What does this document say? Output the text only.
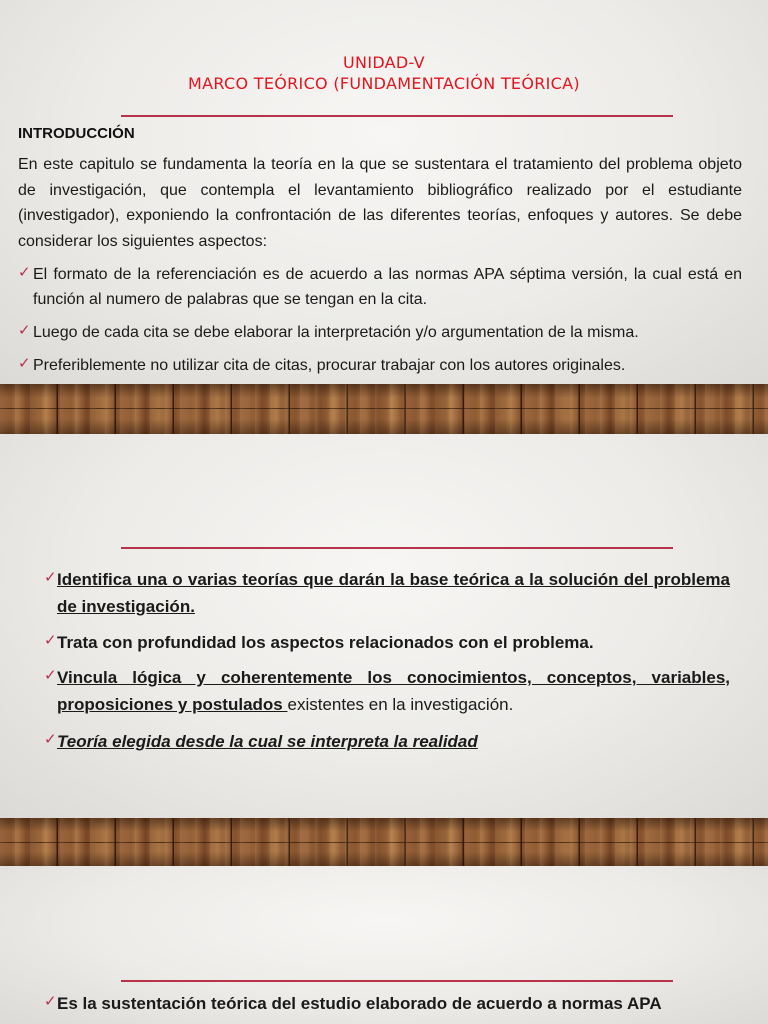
UNIDAD-V
MARCO TEÓRICO (FUNDAMENTACIÓN TEÓRICA)
INTRODUCCIÓN
En este capitulo se fundamenta la teoría en la que se sustentara el tratamiento del problema objeto de investigación, que contempla el levantamiento bibliográfico realizado por el estudiante (investigador), exponiendo la confrontación de las diferentes teorías, enfoques y autores. Se debe considerar los siguientes aspectos:
✓ El formato de la referenciación es de acuerdo a las normas APA séptima versión, la cual está en función al numero de palabras que se tengan en la cita.
✓ Luego de cada cita se debe elaborar la interpretación y/o argumentation de la misma.
✓ Preferiblemente no utilizar cita de citas, procurar trabajar con los autores originales.
✓ Identifica una o varias teorías que darán la base teórica a la solución del problema de investigación.
✓ Trata con profundidad los aspectos relacionados con el problema.
✓ Vincula lógica y coherentemente los conocimientos, conceptos, variables, proposiciones y postulados existentes en la investigación.
✓ Teoría elegida desde la cual se interpreta la realidad
✓ Es la sustentación teórica del estudio elaborado de acuerdo a normas APA
